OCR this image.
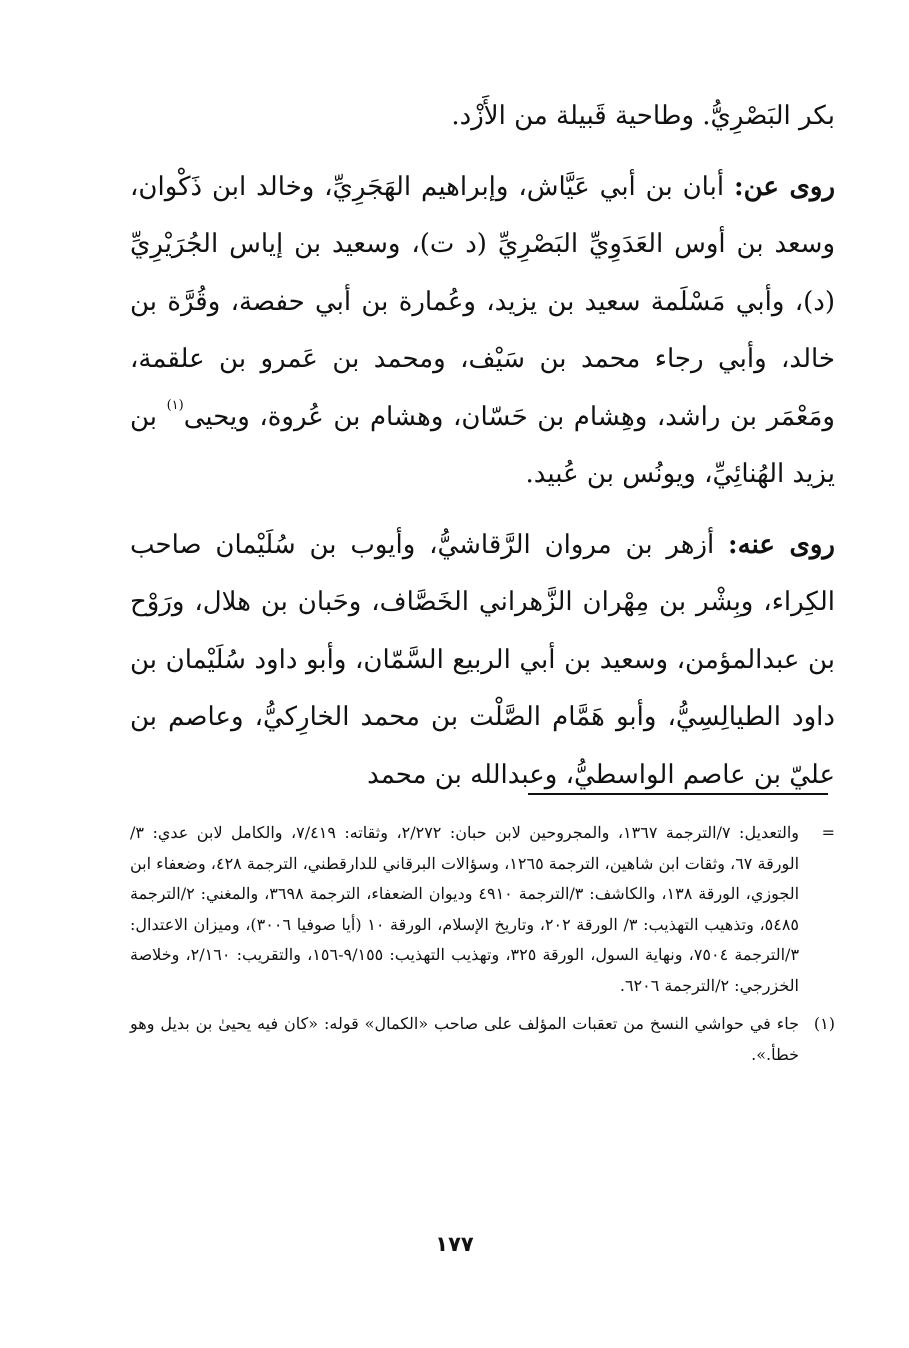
بكر البَصْرِيُّ. وطاحية قَبيلة من الأَزْد.

روى عن: أبان بن أبي عَيَّاش، وإبراهيم الهَجَرِيِّ، وخالد ابن ذَكْوان، وسعد بن أوس العَدَوِيِّ البَصْرِيِّ (د ت)، وسعيد بن إياس الجُرَيْرِيِّ (د)، وأبي مَسْلَمة سعيد بن يزيد، وعُمارة بن أبي حفصة، وقُرَّة بن خالد، وأبي رجاء محمد بن سَيْف، ومحمد بن عَمرو بن علقمة، ومَعْمَر بن راشد، وهِشام بن حَسّان، وهشام بن عُروة، ويحيى$^{(١)}$ بن يزيد الهُنائِيِّ، ويونُس بن عُبيد.

روى عنه: أزهر بن مروان الرَّقاشيُّ، وأيوب بن سُلَيْمان صاحب الكِراء، وبِشْر بن مِهْران الزَّهراني الخَصَّاف، وحَبان بن هلال، ورَوْح بن عبدالمؤمن، وسعيد بن أبي الربيع السَّمّان، وأبو داود سُلَيْمان بن داود الطيالِسِيُّ، وأبو هَمَّام الصَّلْت بن محمد الخارِكيُّ، وعاصم بن عليّ بن عاصم الواسطيُّ، وعبدالله بن محمد

=
والتعديل: ٧/الترجمة ١٣٦٧، والمجروحين لابن حبان: ٢/٢٧٢، وثقاته: ٧/٤١٩، والكامل لابن عدي: ٣/الورقة ٦٧، وثقات ابن شاهين، الترجمة ١٢٦٥، وسؤالات البرقاني للدارقطني، الترجمة ٤٢٨، وضعفاء ابن الجوزي، الورقة ١٣٨، والكاشف: ٣/الترجمة ٤٩١٠ وديوان الضعفاء، الترجمة ٣٦٩٨، والمغني: ٢/الترجمة ٥٤٨٥، وتذهيب التهذيب: ٣/ الورقة ٢٠٢، وتاريخ الإسلام، الورقة ١٠ (أيا صوفيا ٣٠٠٦)، وميزان الاعتدال: ٣/الترجمة ٧٥٠٤، ونهاية السول، الورقة ٣٢٥، وتهذيب التهذيب: ٩/١٥٥-١٥٦، والتقريب: ٢/١٦٠، وخلاصة الخزرجي: ٢/الترجمة ٦٢٠٦.
(١)
جاء في حواشي النسخ من تعقبات المؤلف على صاحب «الكمال» قوله: «كان فيه يحيىٰ بن بديل وهو خطأ.».
١٧٧
